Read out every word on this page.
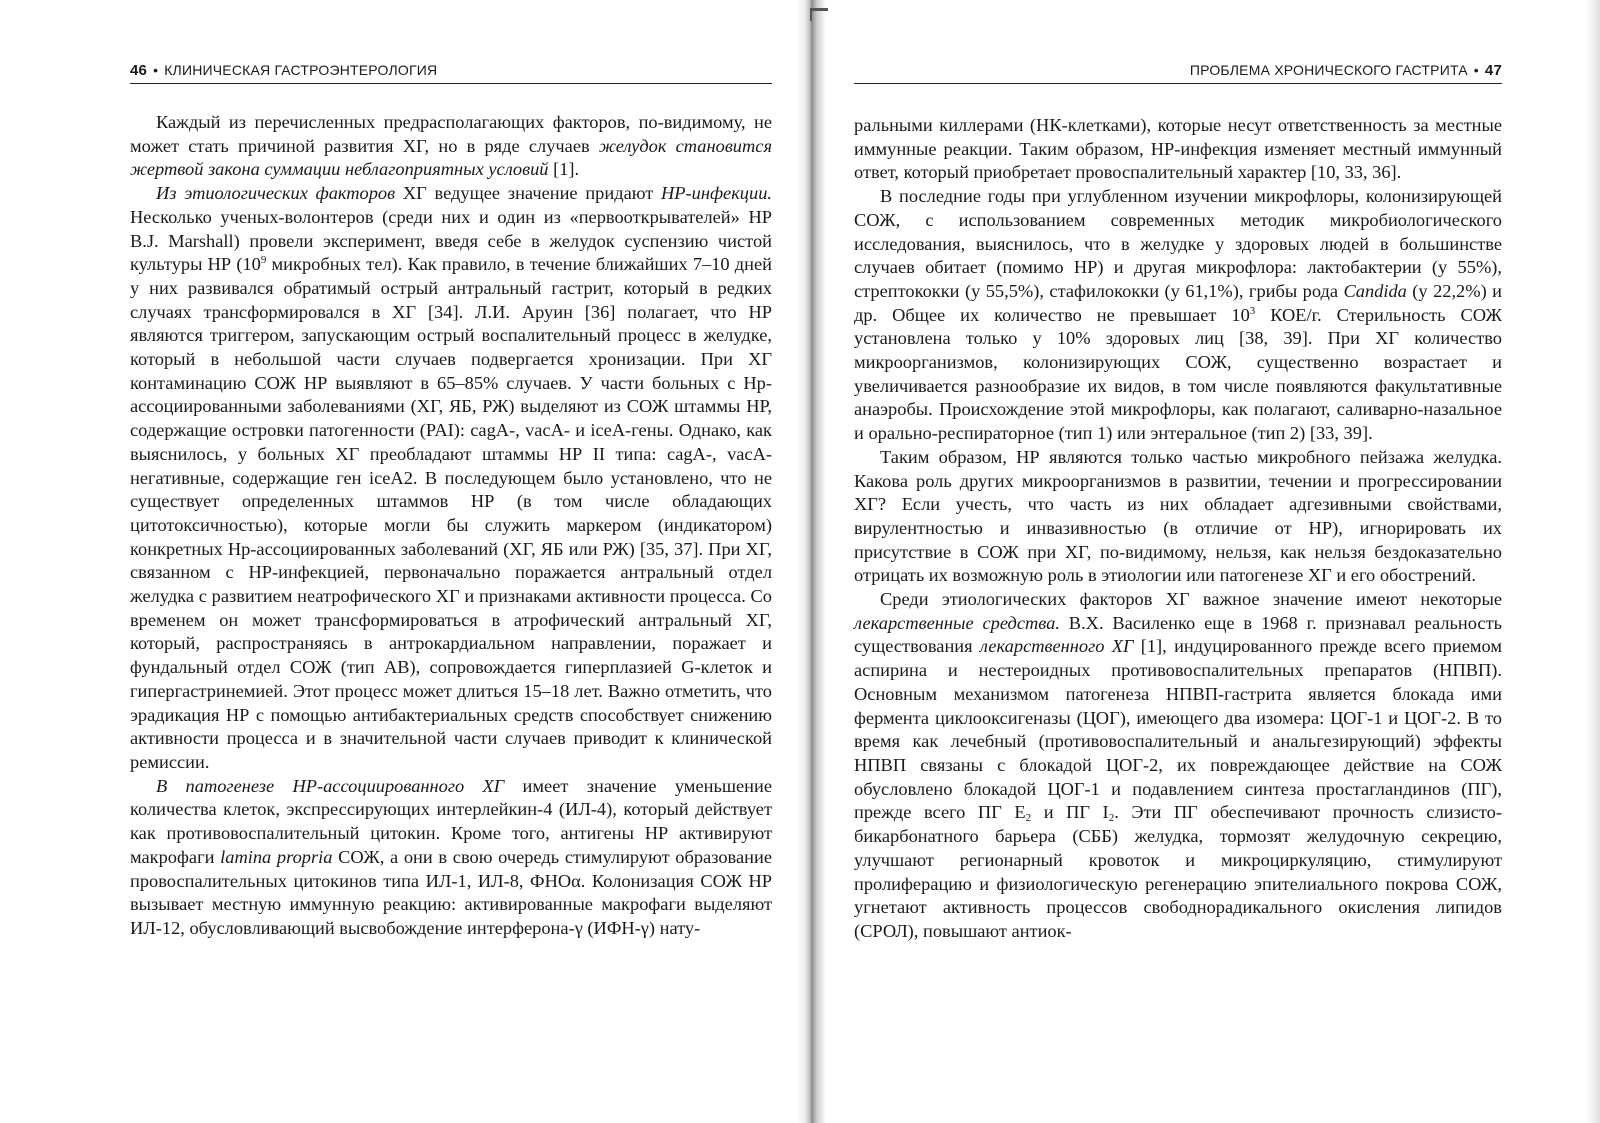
46 • КЛИНИЧЕСКАЯ ГАСТРОЭНТЕРОЛОГИЯ

Каждый из перечисленных предрасполагающих факторов, по-видимому, не может стать причиной развития ХГ, но в ряде случаев желудок становится жертвой закона суммации неблагоприятных условий [1].

Из этиологических факторов ХГ ведущее значение придают НР-инфекции. Несколько ученых-волонтеров (среди них и один из «первооткрывателей» НР B.J. Marshall) провели эксперимент, введя себе в желудок суспензию чистой культуры НР ($10^9$ микробных тел). Как правило, в течение ближайших 7–10 дней у них развивался обратимый острый антральный гастрит, который в редких случаях трансформировался в ХГ [34]. Л.И. Аруин [36] полагает, что НР являются триггером, запускающим острый воспалительный процесс в желудке, который в небольшой части случаев подвергается хронизации. При ХГ контаминацию СОЖ НР выявляют в 65–85% случаев. У части больных с Нр-ассоциированными заболеваниями (ХГ, ЯБ, РЖ) выделяют из СОЖ штаммы НР, содержащие островки патогенности (PAI): cagA-, vacA- и iceA-гены. Однако, как выяснилось, у больных ХГ преобладают штаммы НР II типа: cagA-, vacA-негативные, содержащие ген iceA2. В последующем было установлено, что не существует определенных штаммов НР (в том числе обладающих цитотоксичностью), которые могли бы служить маркером (индикатором) конкретных Нр-ассоциированных заболеваний (ХГ, ЯБ или РЖ) [35, 37]. При ХГ, связанном с НР-инфекцией, первоначально поражается антральный отдел желудка с развитием неатрофического ХГ и признаками активности процесса. Со временем он может трансформироваться в атрофический антральный ХГ, который, распространяясь в антрокардиальном направлении, поражает и фундальный отдел СОЖ (тип АВ), сопровождается гиперплазией G-клеток и гипергастринемией. Этот процесс может длиться 15–18 лет. Важно отметить, что эрадикация НР с помощью антибактериальных средств способствует снижению активности процесса и в значительной части случаев приводит к клинической ремиссии.

В патогенезе НР-ассоциированного ХГ имеет значение уменьшение количества клеток, экспрессирующих интерлейкин-4 (ИЛ-4), который действует как противовоспалительный цитокин. Кроме того, антигены НР активируют макрофаги lamina propria СОЖ, а они в свою очередь стимулируют образование провоспалительных цитокинов типа ИЛ-1, ИЛ-8, ФНОα. Колонизация СОЖ НР вызывает местную иммунную реакцию: активированные макрофаги выделяют ИЛ-12, обусловливающий высвобождение интерферона-γ (ИФН-γ) нату-

ПРОБЛЕМА ХРОНИЧЕСКОГО ГАСТРИТА • 47

ральными киллерами (НК-клетками), которые несут ответственность за местные иммунные реакции. Таким образом, НР-инфекция изменяет местный иммунный ответ, который приобретает провоспалительный характер [10, 33, 36].

В последние годы при углубленном изучении микрофлоры, колонизирующей СОЖ, с использованием современных методик микробиологического исследования, выяснилось, что в желудке у здоровых людей в большинстве случаев обитает (помимо НР) и другая микрофлора: лактобактерии (у 55%), стрептококки (у 55,5%), стафилококки (у 61,1%), грибы рода Candida (у 22,2%) и др. Общее их количество не превышает $10^3$ КОЕ/г. Стерильность СОЖ установлена только у 10% здоровых лиц [38, 39]. При ХГ количество микроорганизмов, колонизирующих СОЖ, существенно возрастает и увеличивается разнообразие их видов, в том числе появляются факультативные анаэробы. Происхождение этой микрофлоры, как полагают, саливарно-назальное и орально-респираторное (тип 1) или энтеральное (тип 2) [33, 39].

Таким образом, НР являются только частью микробного пейзажа желудка. Какова роль других микроорганизмов в развитии, течении и прогрессировании ХГ? Если учесть, что часть из них обладает адгезивными свойствами, вирулентностью и инвазивностью (в отличие от НР), игнорировать их присутствие в СОЖ при ХГ, по-видимому, нельзя, как нельзя бездоказательно отрицать их возможную роль в этиологии или патогенезе ХГ и его обострений.

Среди этиологических факторов ХГ важное значение имеют некоторые лекарственные средства. В.Х. Василенко еще в 1968 г. признавал реальность существования лекарственного ХГ [1], индуцированного прежде всего приемом аспирина и нестероидных противовоспалительных препаратов (НПВП). Основным механизмом патогенеза НПВП-гастрита является блокада ими фермента циклооксигеназы (ЦОГ), имеющего два изомера: ЦОГ-1 и ЦОГ-2. В то время как лечебный (противовоспалительный и анальгезирующий) эффекты НПВП связаны с блокадой ЦОГ-2, их повреждающее действие на СОЖ обусловлено блокадой ЦОГ-1 и подавлением синтеза простагландинов (ПГ), прежде всего ПГ $Е_2$ и ПГ $I_2$. Эти ПГ обеспечивают прочность слизисто-бикарбонатного барьера (СББ) желудка, тормозят желудочную секрецию, улучшают регионарный кровоток и микроциркуляцию, стимулируют пролиферацию и физиологическую регенерацию эпителиального покрова СОЖ, угнетают активность процессов свободнорадикального окисления липидов (СРОЛ), повышают антиок-
